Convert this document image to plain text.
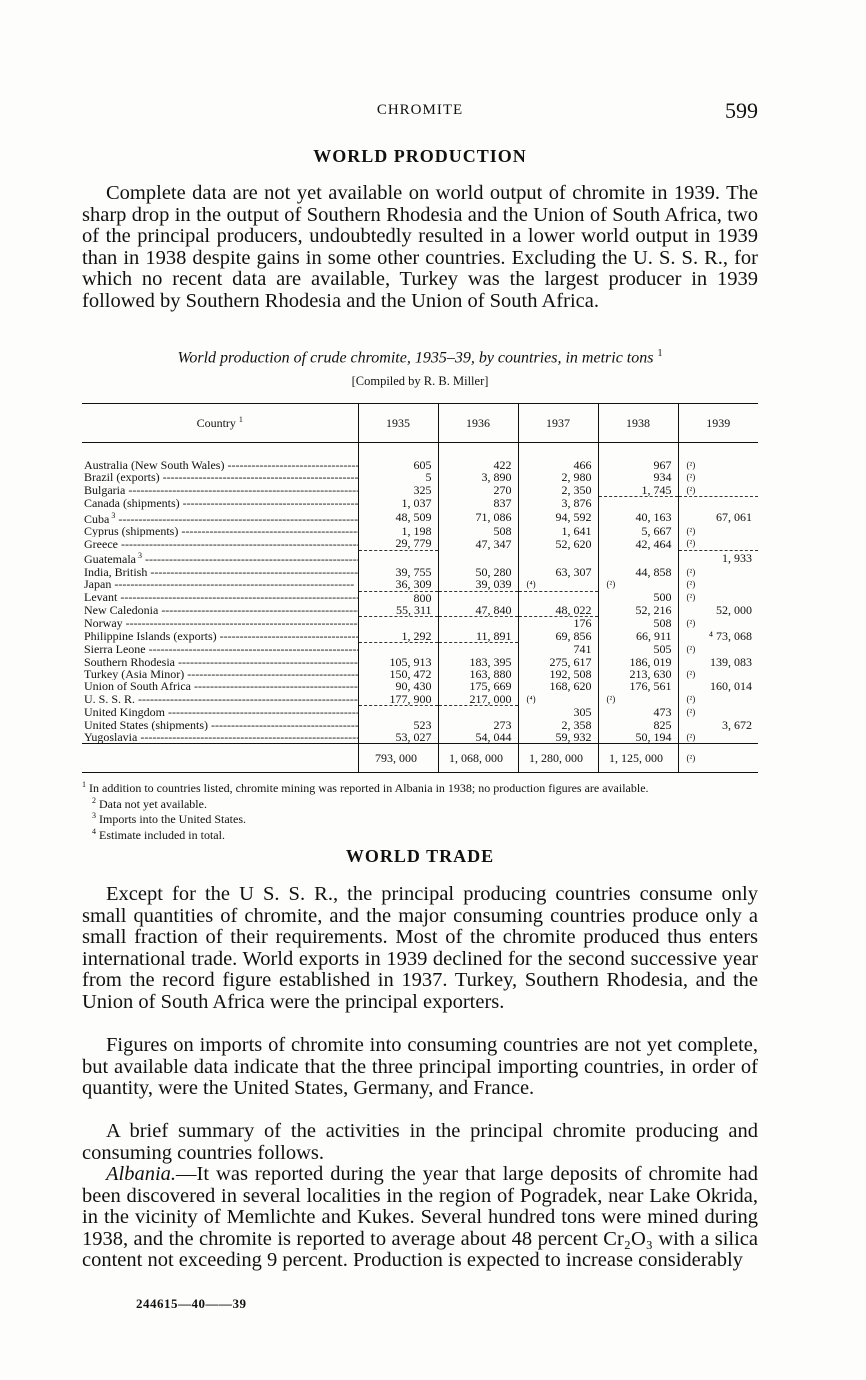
CHROMITE	599
WORLD PRODUCTION

Complete data are not yet available on world output of chromite in 1939. The sharp drop in the output of Southern Rhodesia and the Union of South Africa, two of the principal producers, undoubtedly resulted in a lower world output in 1939 than in 1938 despite gains in some other countries. Excluding the U. S. S. R., for which no recent data are available, Turkey was the largest producer in 1939 followed by Southern Rhodesia and the Union of South Africa.

World production of crude chromite, 1935–39, by countries, in metric tons $^1$
[Compiled by R. B. Miller]
Country $^1$	1935	1936	1937	1938	1939

Australia (New South Wales) -----	605	422	466	967	(²)
Brazil (exports) -----	5	3, 890	2, 980	934	(²)
Bulgaria -----	325	270	2, 350	1, 745	(²)
Canada (shipments) -----	1, 037	837	3, 876		
Cuba $^3$ -----	48, 509	71, 086	94, 592	40, 163	67, 061
Cyprus (shipments) -----	1, 198	508	1, 641	5, 667	(²)
Greece -----	29, 779	47, 347	52, 620	42, 464	(²)
Guatemala $^3$ -----					1, 933
India, British -----	39, 755	50, 280	63, 307	44, 858	(²)
Japan -----	36, 309	39, 039	(⁴)	(²)	(²)
Levant -----	800			500	(²)
New Caledonia -----	55, 311	47, 840	48, 022	52, 216	52, 000
Norway -----			176	508	(²)
Philippine Islands (exports) -----	1, 292	11, 891	69, 856	66, 911	⁴ 73, 068
Sierra Leone -----			741	505	(²)
Southern Rhodesia -----	105, 913	183, 395	275, 617	186, 019	139, 083
Turkey (Asia Minor) -----	150, 472	163, 880	192, 508	213, 630	(²)
Union of South Africa -----	90, 430	175, 669	168, 620	176, 561	160, 014
U. S. S. R. -----	177, 900	217, 000	(⁴)	(²)	(²)
United Kingdom -----			305	473	(²)
United States (shipments) -----	523	273	2, 358	825	3, 672
Yugoslavia -----	53, 027	54, 044	59, 932	50, 194	(²)
	793, 000	1, 068, 000	1, 280, 000	1, 125, 000	(²)
$^1$ In addition to countries listed, chromite mining was reported in Albania in 1938; no production figures are available.
$^2$ Data not yet available.
$^3$ Imports into the United States.
$^4$ Estimate included in total.
WORLD TRADE

Except for the U S. S. R., the principal producing countries consume only small quantities of chromite, and the major consuming countries produce only a small fraction of their requirements. Most of the chromite produced thus enters international trade. World exports in 1939 declined for the second successive year from the record figure established in 1937. Turkey, Southern Rhodesia, and the Union of South Africa were the principal exporters.

Figures on imports of chromite into consuming countries are not yet complete, but available data indicate that the three principal importing countries, in order of quantity, were the United States, Germany, and France.

A brief summary of the activities in the principal chromite producing and consuming countries follows.

Albania.—It was reported during the year that large deposits of chromite had been discovered in several localities in the region of Pogradek, near Lake Okrida, in the vicinity of Memlichte and Kukes. Several hundred tons were mined during 1938, and the chromite is reported to average about 48 percent Cr₂O₃ with a silica content not exceeding 9 percent. Production is expected to increase considerably

244615—40——39
